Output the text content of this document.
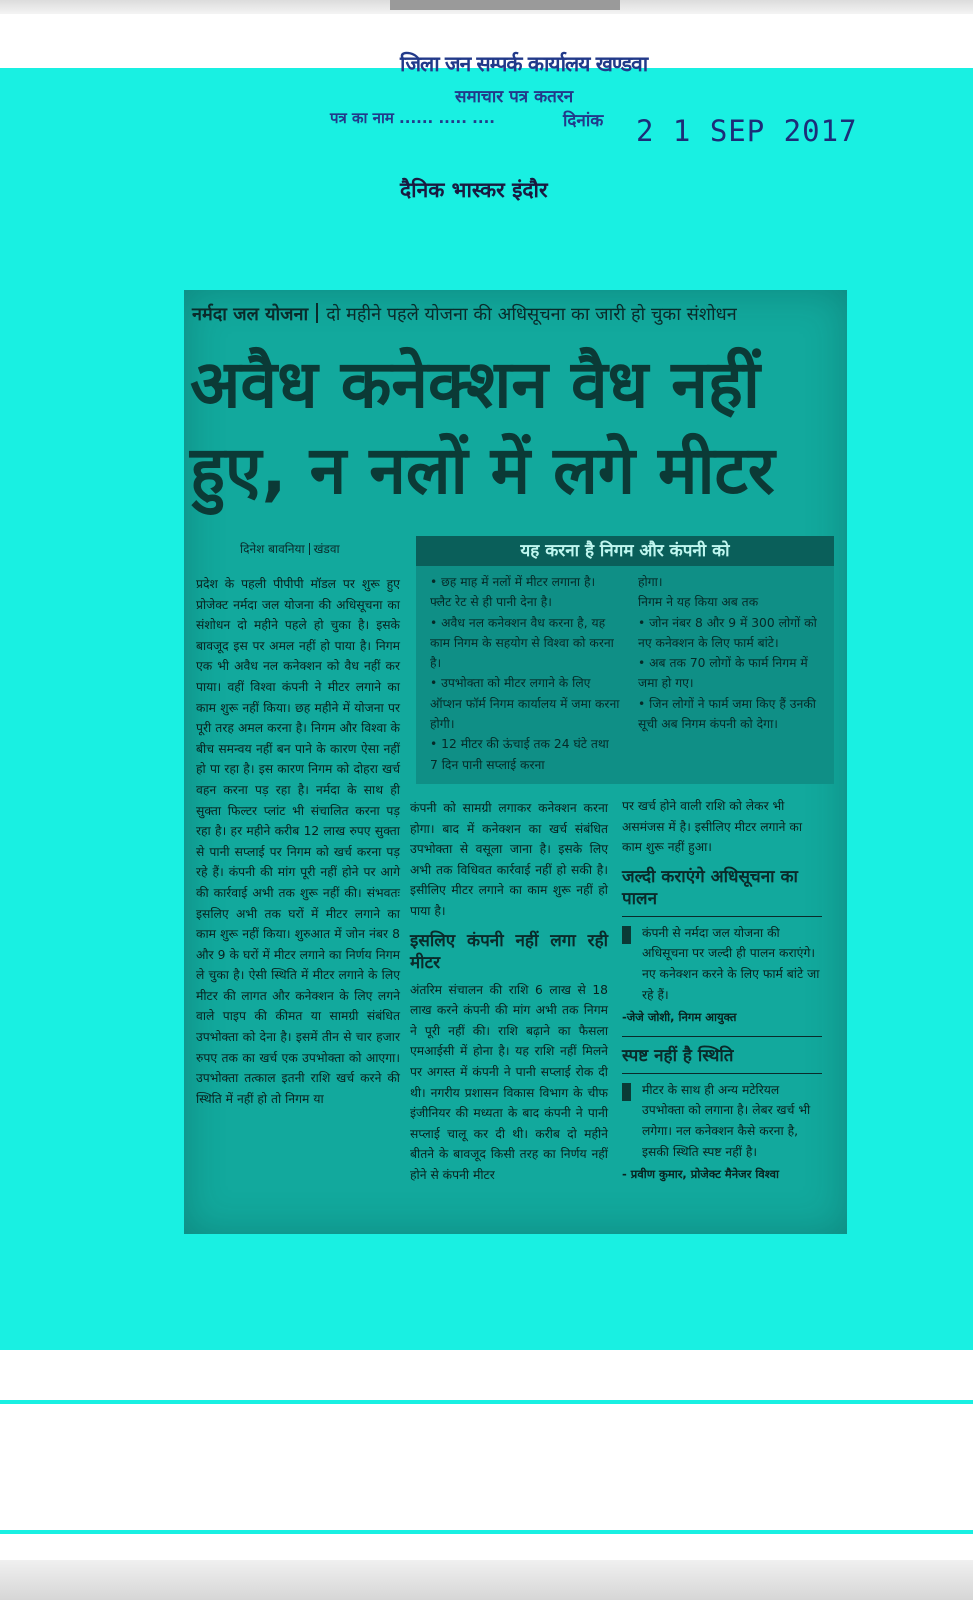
जिला जन सम्पर्क कार्यालय खण्डवा
समाचार पत्र कतरन
पत्र का नाम ...... ..... ....	दिनांक 2 1 SEP 2017
दैनिक भास्कर इंदौर
नर्मदा जल योजना दो महीने पहले योजना की अधिसूचना का जारी हो चुका संशोधन
अवैध कनेक्शन वैध नहीं हुए, न नलों में लगे मीटर
दिनेश बावनिया खंडवा	यह करना है निगम और कंपनी को

• छह माह में नलों में मीटर लगाना है। फ्लैट रेट से ही पानी देना है।

• अवैध नल कनेक्शन वैध करना है, यह काम निगम के सहयोग से विश्वा को करना है।

• उपभोक्ता को मीटर लगाने के लिए ऑप्शन फॉर्म निगम कार्यालय में जमा करना होगी।

• 12 मीटर की ऊंचाई तक 24 घंटे तथा 7 दिन पानी सप्लाई करना

होगा।

निगम ने यह किया अब तक

• जोन नंबर 8 और 9 में 300 लोगों को नए कनेक्शन के लिए फार्म बांटे।

• अब तक 70 लोगों के फार्म निगम में जमा हो गए।

• जिन लोगों ने फार्म जमा किए हैं उनकी सूची अब निगम कंपनी को देगा।

प्रदेश के पहली पीपीपी मॉडल पर शुरू हुए प्रोजेक्ट नर्मदा जल योजना की अधिसूचना का संशोधन दो महीने पहले हो चुका है। इसके बावजूद इस पर अमल नहीं हो पाया है। निगम एक भी अवैध नल कनेक्शन को वैध नहीं कर पाया। वहीं विश्वा कंपनी ने मीटर लगाने का काम शुरू नहीं किया। छह महीने में योजना पर पूरी तरह अमल करना है। निगम और विश्वा के बीच समन्वय नहीं बन पाने के कारण ऐसा नहीं हो पा रहा है। इस कारण निगम को दोहरा खर्च वहन करना पड़ रहा है। नर्मदा के साथ ही सुक्ता फिल्टर प्लांट भी संचालित करना पड़ रहा है। हर महीने करीब 12 लाख रुपए सुक्ता से पानी सप्लाई पर निगम को खर्च करना पड़ रहे हैं। कंपनी की मांग पूरी नहीं होने पर आगे की कार्रवाई अभी तक शुरू नहीं की। संभवतः इसलिए अभी तक घरों में मीटर लगाने का काम शुरू नहीं किया। शुरुआत में जोन नंबर 8 और 9 के घरों में मीटर लगाने का निर्णय निगम ले चुका है। ऐसी स्थिति में मीटर लगाने के लिए मीटर की लागत और कनेक्शन के लिए लगने वाले पाइप की कीमत या सामग्री संबंधित उपभोक्ता को देना है। इसमें तीन से चार हजार रुपए तक का खर्च एक उपभोक्ता को आएगा। उपभोक्ता तत्काल इतनी राशि खर्च करने की स्थिति में नहीं हो तो निगम या

कंपनी को सामग्री लगाकर कनेक्शन करना होगा। बाद में कनेक्शन का खर्च संबंधित उपभोक्ता से वसूला जाना है। इसके लिए अभी तक विधिवत कार्रवाई नहीं हो सकी है। इसीलिए मीटर लगाने का काम शुरू नहीं हो पाया है।

इसलिए कंपनी नहीं लगा रही मीटर

अंतरिम संचालन की राशि 6 लाख से 18 लाख करने कंपनी की मांग अभी तक निगम ने पूरी नहीं की। राशि बढ़ाने का फैसला एमआईसी में होना है। यह राशि नहीं मिलने पर अगस्त में कंपनी ने पानी सप्लाई रोक दी थी। नगरीय प्रशासन विकास विभाग के चीफ इंजीनियर की मध्यता के बाद कंपनी ने पानी सप्लाई चालू कर दी थी। करीब दो महीने बीतने के बावजूद किसी तरह का निर्णय नहीं होने से कंपनी मीटर

पर खर्च होने वाली राशि को लेकर भी असमंजस में है। इसीलिए मीटर लगाने का काम शुरू नहीं हुआ।

जल्दी कराएंगे अधिसूचना का पालन

कंपनी से नर्मदा जल योजना की अधिसूचना पर जल्दी ही पालन कराएंगे। नए कनेक्शन करने के लिए फार्म बांटे जा रहे हैं।

-जेजे जोशी, निगम आयुक्त

स्पष्ट नहीं है स्थिति

मीटर के साथ ही अन्य मटेरियल उपभोक्ता को लगाना है। लेबर खर्च भी लगेगा। नल कनेक्शन कैसे करना है, इसकी स्थिति स्पष्ट नहीं है।

- प्रवीण कुमार, प्रोजेक्ट मैनेजर विश्वा
